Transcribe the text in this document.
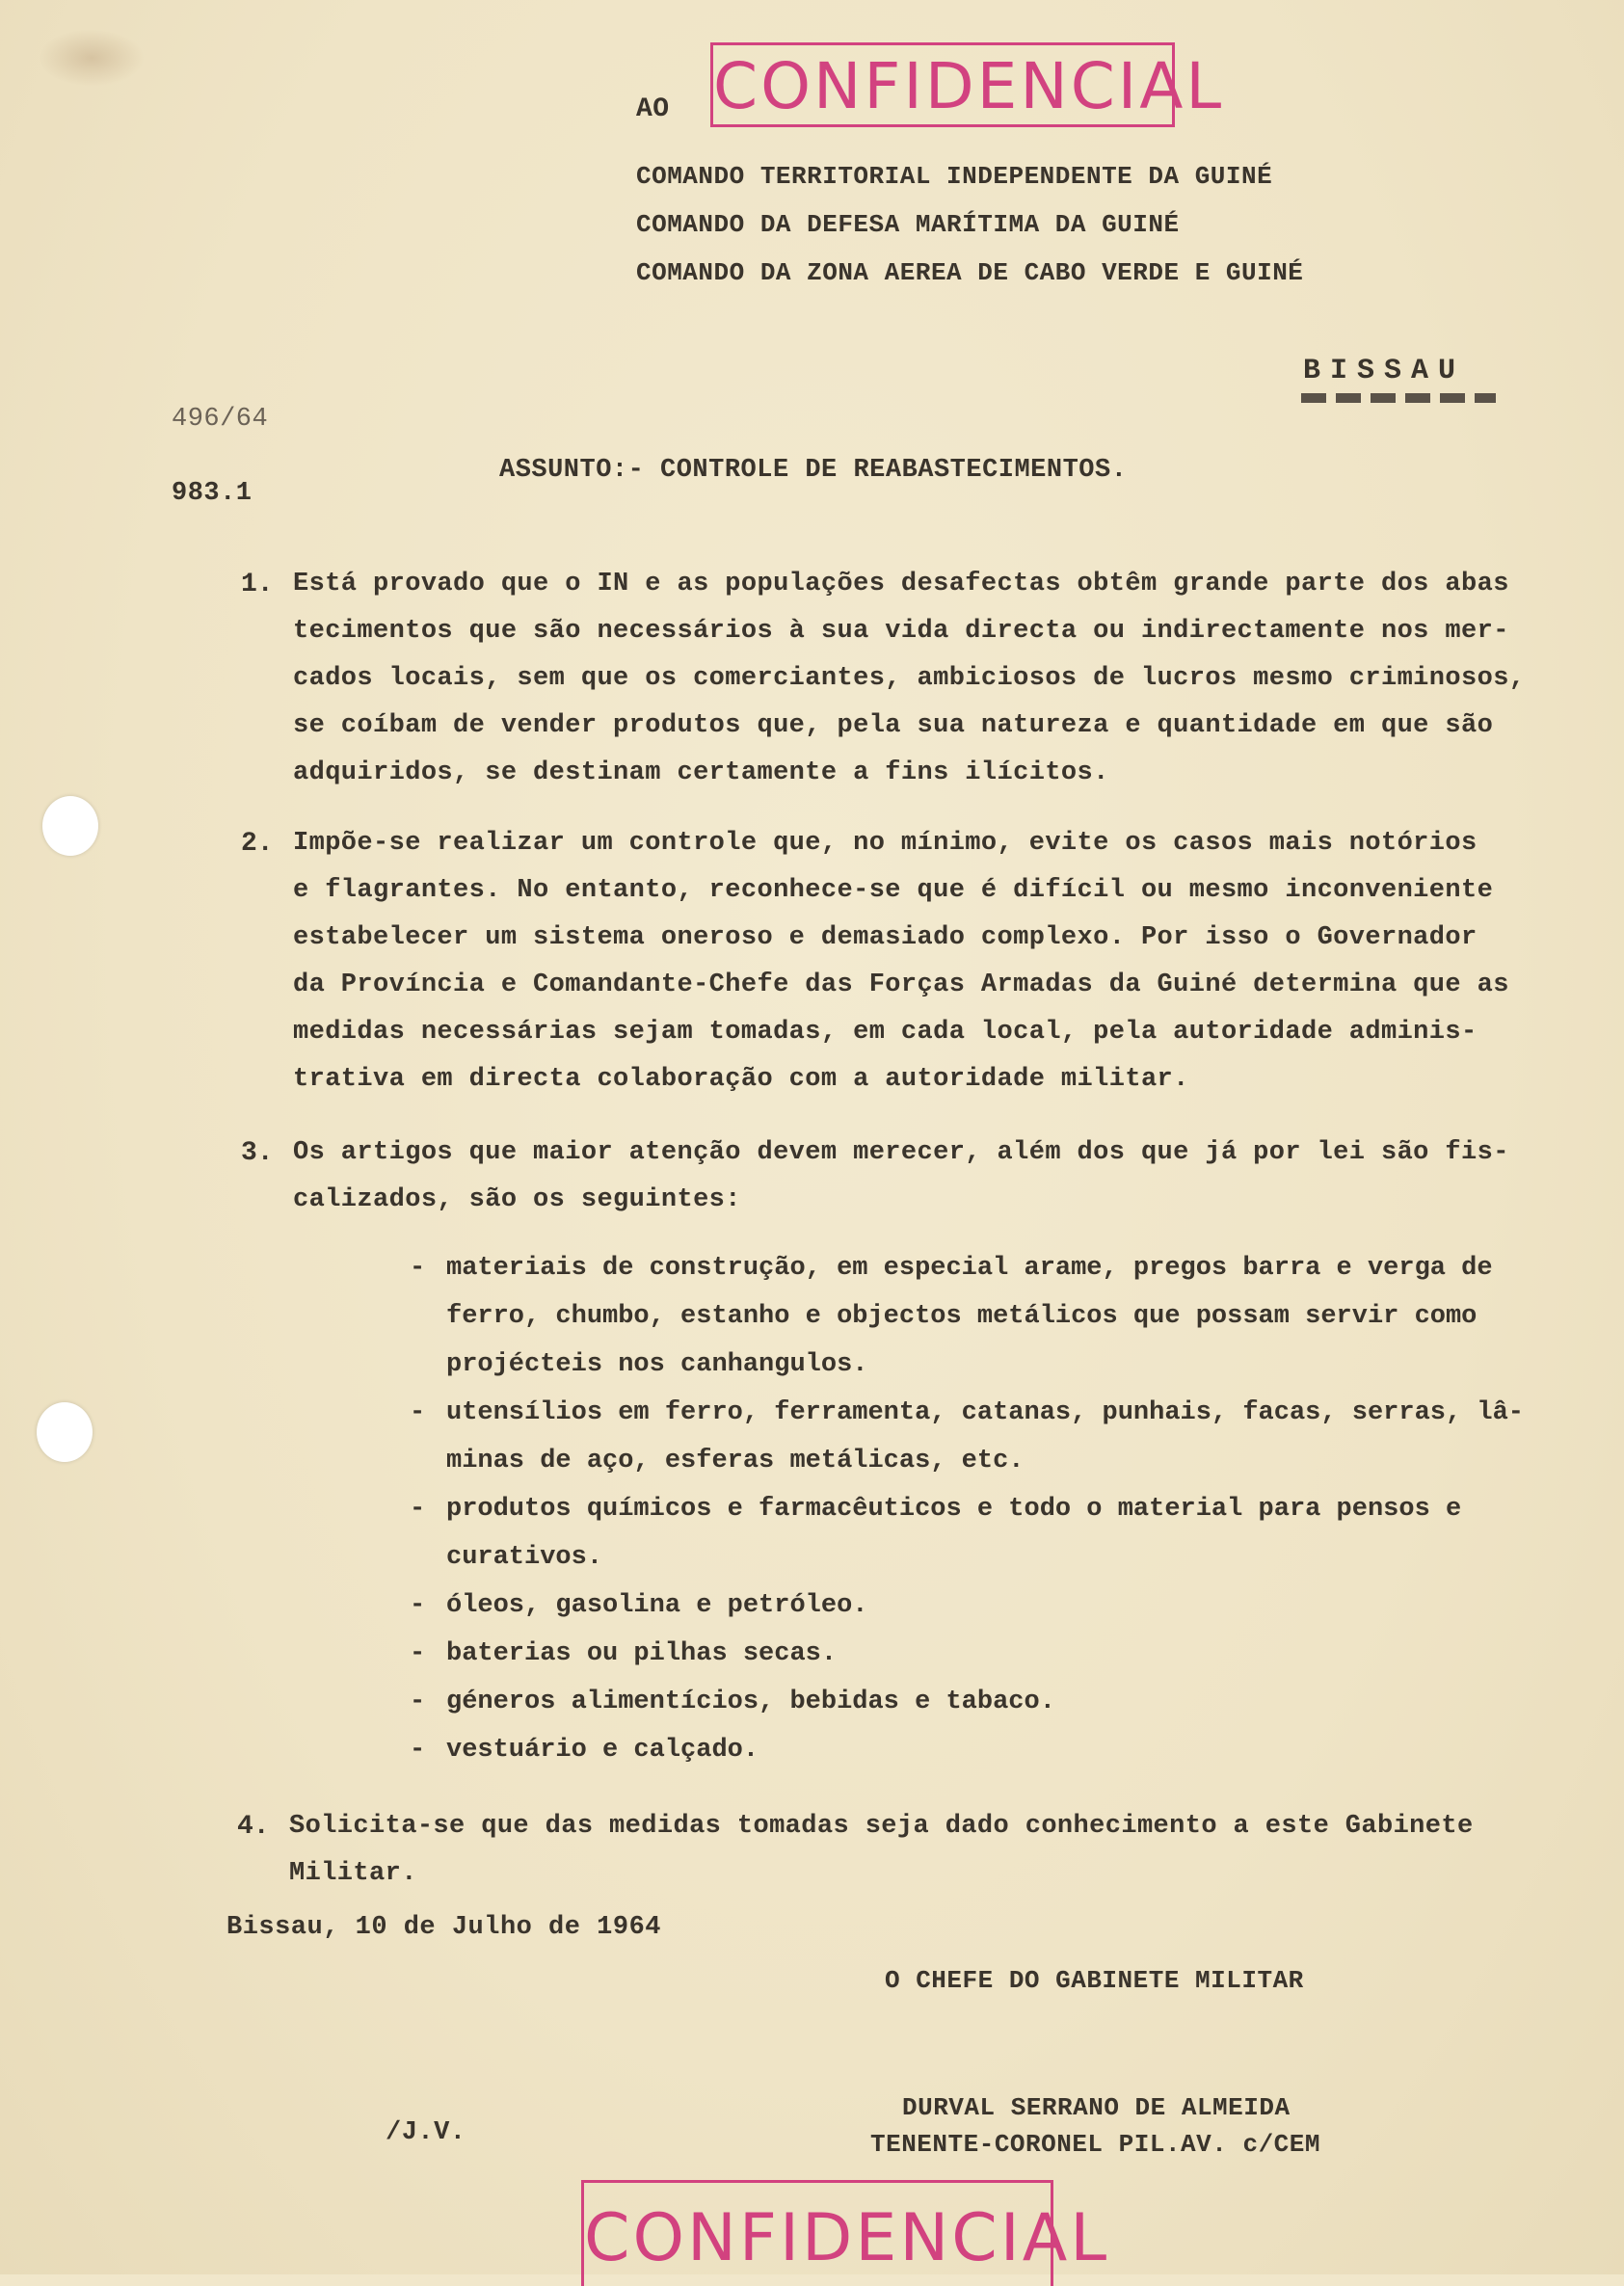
CONFIDENCIAL
AO
COMANDO TERRITORIAL INDEPENDENTE DA GUINÉ
COMANDO DA DEFESA MARÍTIMA DA GUINÉ
COMANDO DA ZONA AEREA DE CABO VERDE E GUINÉ
BISSAU
496/64
983.1
ASSUNTO:- CONTROLE DE REABASTECIMENTOS.
1. Está provado que o IN e as populações desafectas obtêm grande parte dos abas
tecimentos que são necessários à sua vida directa ou indirectamente nos mer-
cados locais, sem que os comerciantes, ambiciosos de lucros mesmo criminosos,
se coíbam de vender produtos que, pela sua natureza e quantidade em que são
adquiridos, se destinam certamente a fins ilícitos.
2. Impõe-se realizar um controle que, no mínimo, evite os casos mais notórios
e flagrantes. No entanto, reconhece-se que é difícil ou mesmo inconveniente
estabelecer um sistema oneroso e demasiado complexo. Por isso o Governador
da Província e Comandante-Chefe das Forças Armadas da Guiné determina que as
medidas necessárias sejam tomadas, em cada local, pela autoridade adminis-
trativa em directa colaboração com a autoridade militar.
3. Os artigos que maior atenção devem merecer, além dos que já por lei são fis-
calizados, são os seguintes:
- materiais de construção, em especial arame, pregos barra e verga de
ferro, chumbo, estanho e objectos metálicos que possam servir como
projécteis nos canhangulos.
- utensílios em ferro, ferramenta, catanas, punhais, facas, serras, lâ-
minas de aço, esferas metálicas, etc.
- produtos químicos e farmacêuticos e todo o material para pensos e
curativos.
- óleos, gasolina e petróleo.
- baterias ou pilhas secas.
- géneros alimentícios, bebidas e tabaco.
- vestuário e calçado.
4. Solicita-se que das medidas tomadas seja dado conhecimento a este Gabinete
Militar.
Bissau, 10 de Julho de 1964
O CHEFE DO GABINETE MILITAR
/J.V.
DURVAL SERRANO DE ALMEIDA
TENENTE-CORONEL PIL.AV. c/CEM
CONFIDENCIAL
